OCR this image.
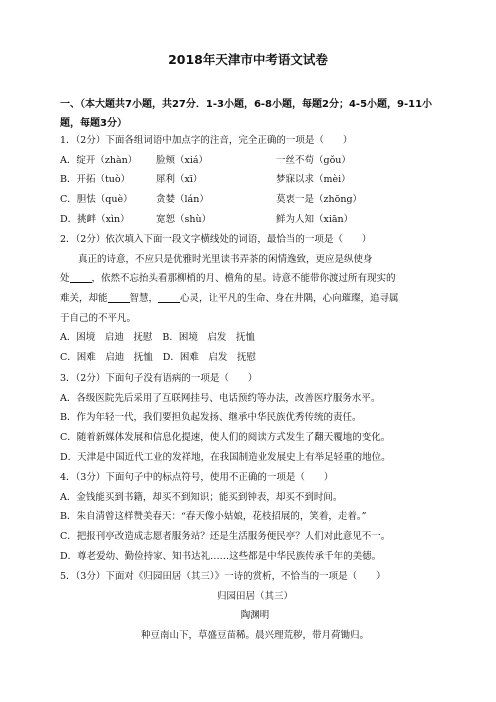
2018年天津市中考语文试卷
一、（本大题共7小题，共27分．1-3小题，6-8小题，每题2分；4-5小题，9-11小题，每题3分）
1．（2分）下面各组词语中加点字的注音，完全正确的一项是（　　）
A．绽开（zhàn）	脸颊（xiá）	一丝不苟（gǒu）
B．开拓（tuò）	犀利（xī）	梦寐以求（mèi）
C．胆怯（què）	贪婪（lán）	莫衷一是（zhōng）
D．挑衅（xìn）	宽恕（shù）	鲜为人知（xiān）
2．（2分）依次填入下面一段文字横线处的词语，最恰当的一项是（　　）
真正的诗意，不应只是优雅时光里读书弄茶的闲情逸致，更应是纵使身
处 ，依然不忘抬头看那柳梢的月、檐角的星。诗意不能带你渡过所有现实的
难关，却能 智慧， 心灵，让平凡的生命、身在井隅，心向璀璨，追寻属
于自己的不平凡。
A．困境　启迪　抚慰 B．困境　启发　抚恤
C．困难　启迪　抚恤 D．困难　启发　抚慰
3．（2分）下面句子没有语病的一项是（　　）
A．各级医院先后采用了互联网挂号、电话预约等办法，改善医疗服务水平。
B．作为年轻一代，我们要担负起发扬、继承中华民族优秀传统的责任。
C．随着新媒体发展和信息化提速，使人们的阅读方式发生了翻天覆地的变化。
D．天津是中国近代工业的发祥地，在我国制造业发展史上有举足轻重的地位。
4．（3分）下面句子中的标点符号，使用不正确的一项是（　　）
A．金钱能买到书籍，却买不到知识；能买到钟表，却买不到时间。
B．朱自清曾这样赞美春天：“春天像小姑娘，花枝招展的，笑着，走着。”
C．把报刊亭改造成志愿者服务站？还是生活服务便民亭？人们对此意见不一。
D．尊老爱幼、勤俭持家、知书达礼……这些都是中华民族传承千年的美德。
5．（3分）下面对《归园田居（其三）》一诗的赏析，不恰当的一项是（　　）
归园田居（其三）
陶渊明
种豆南山下，草盛豆苗稀。晨兴理荒秽，带月荷锄归。
